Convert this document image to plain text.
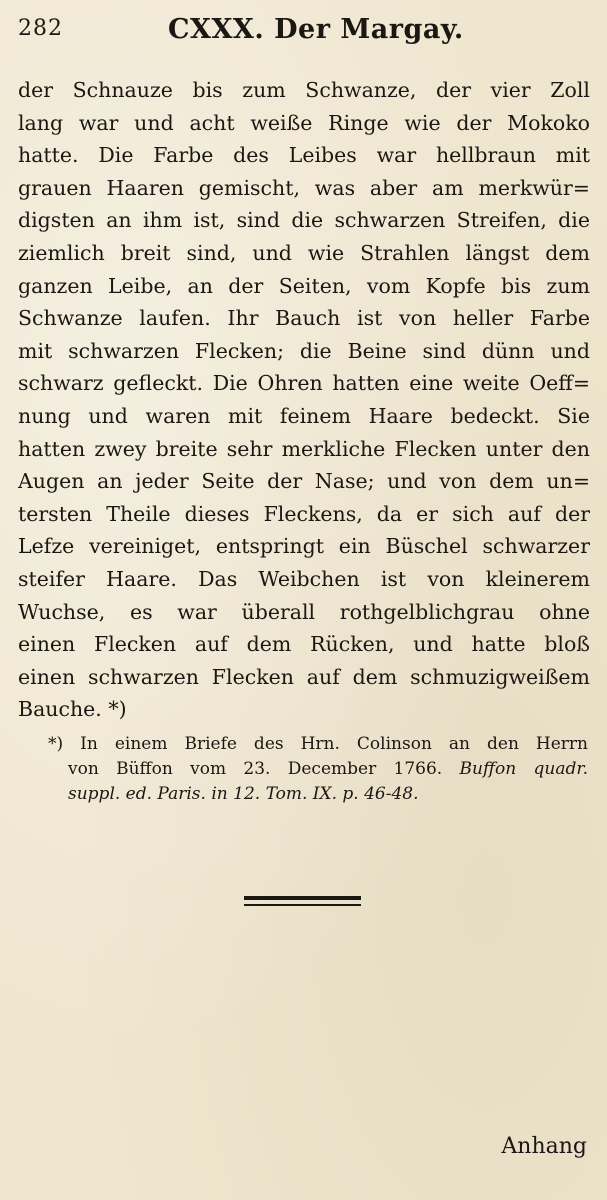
282	CXXX. Der Margay.
der Schnauze bis zum Schwanze, der vier Zoll
lang war und acht weiße Ringe wie der Mokoko
hatte. Die Farbe des Leibes war hellbraun mit
grauen Haaren gemischt, was aber am merkwür=
digsten an ihm ist, sind die schwarzen Streifen, die
ziemlich breit sind, und wie Strahlen längst dem
ganzen Leibe, an der Seiten, vom Kopfe bis zum
Schwanze laufen. Ihr Bauch ist von heller Farbe
mit schwarzen Flecken; die Beine sind dünn und
schwarz gefleckt. Die Ohren hatten eine weite Oeff=
nung und waren mit feinem Haare bedeckt. Sie
hatten zwey breite sehr merkliche Flecken unter den
Augen an jeder Seite der Nase; und von dem un=
tersten Theile dieses Fleckens, da er sich auf der
Lefze vereiniget, entspringt ein Büschel schwarzer
steifer Haare. Das Weibchen ist von kleinerem
Wuchse, es war überall rothgelblichgrau ohne
einen Flecken auf dem Rücken, und hatte bloß
einen schwarzen Flecken auf dem schmuzigweißem
Bauche. *)
*) In einem Briefe des Hrn. Colinson an den Herrn
von Büffon vom 23. December 1766. Buffon quadr.
suppl. ed. Paris. in 12. Tom. IX. p. 46-48.
Anhang
